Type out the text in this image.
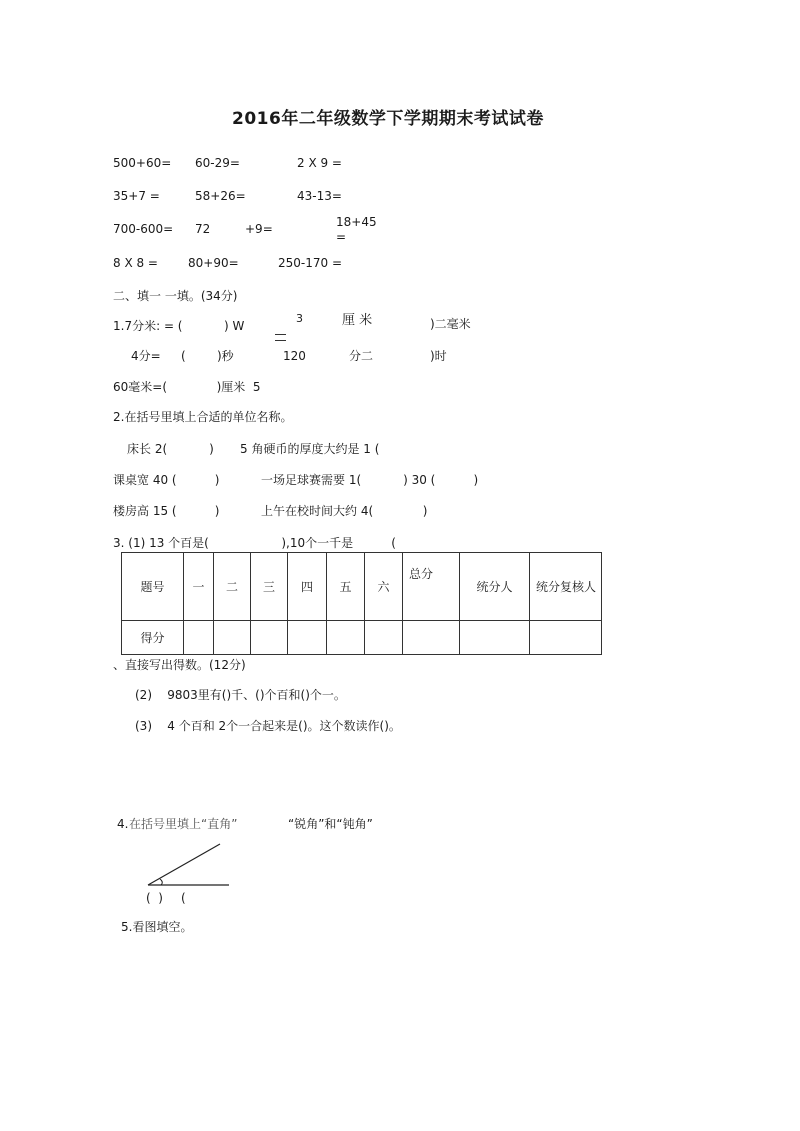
2016年二年级数学下学期期末考试试卷
500+60= 60-29=	2 X 9 =
35+7 =	58+26=	43-13=
700-600= 72	+9=	18+45
=
8 X 8 =	80+90=	250-170 =
二、填一 一填。(34分)
1.7分米: = (	) W
3	厘 米	)二毫米
4分= (	)秒	120	分二	)时
60毫米=(             )厘米  5
2.在括号里填上合适的单位名称。
床长 2(           ) 5 角硬币的厚度大约是 1 (
课桌宽 40 (          )	一场足球赛需要 1(           ) 30 (          )
楼房高 15 (          )	上午在校时间大约 4(             )
3. (1) 13 个百是(                   ),10个一千是          (
题号	一	二	三	四	五	六	总分	统分人	统分复核人
得分									
、直接写出得数。(12分)
(2)    9803里有()千、()个百和()个一。
(3)    4 个百和 2个一合起来是()。这个数读作()。
4. 在括号里填上“直角”	“锐角”和“钝角”
(  ) (
5.看图填空。
